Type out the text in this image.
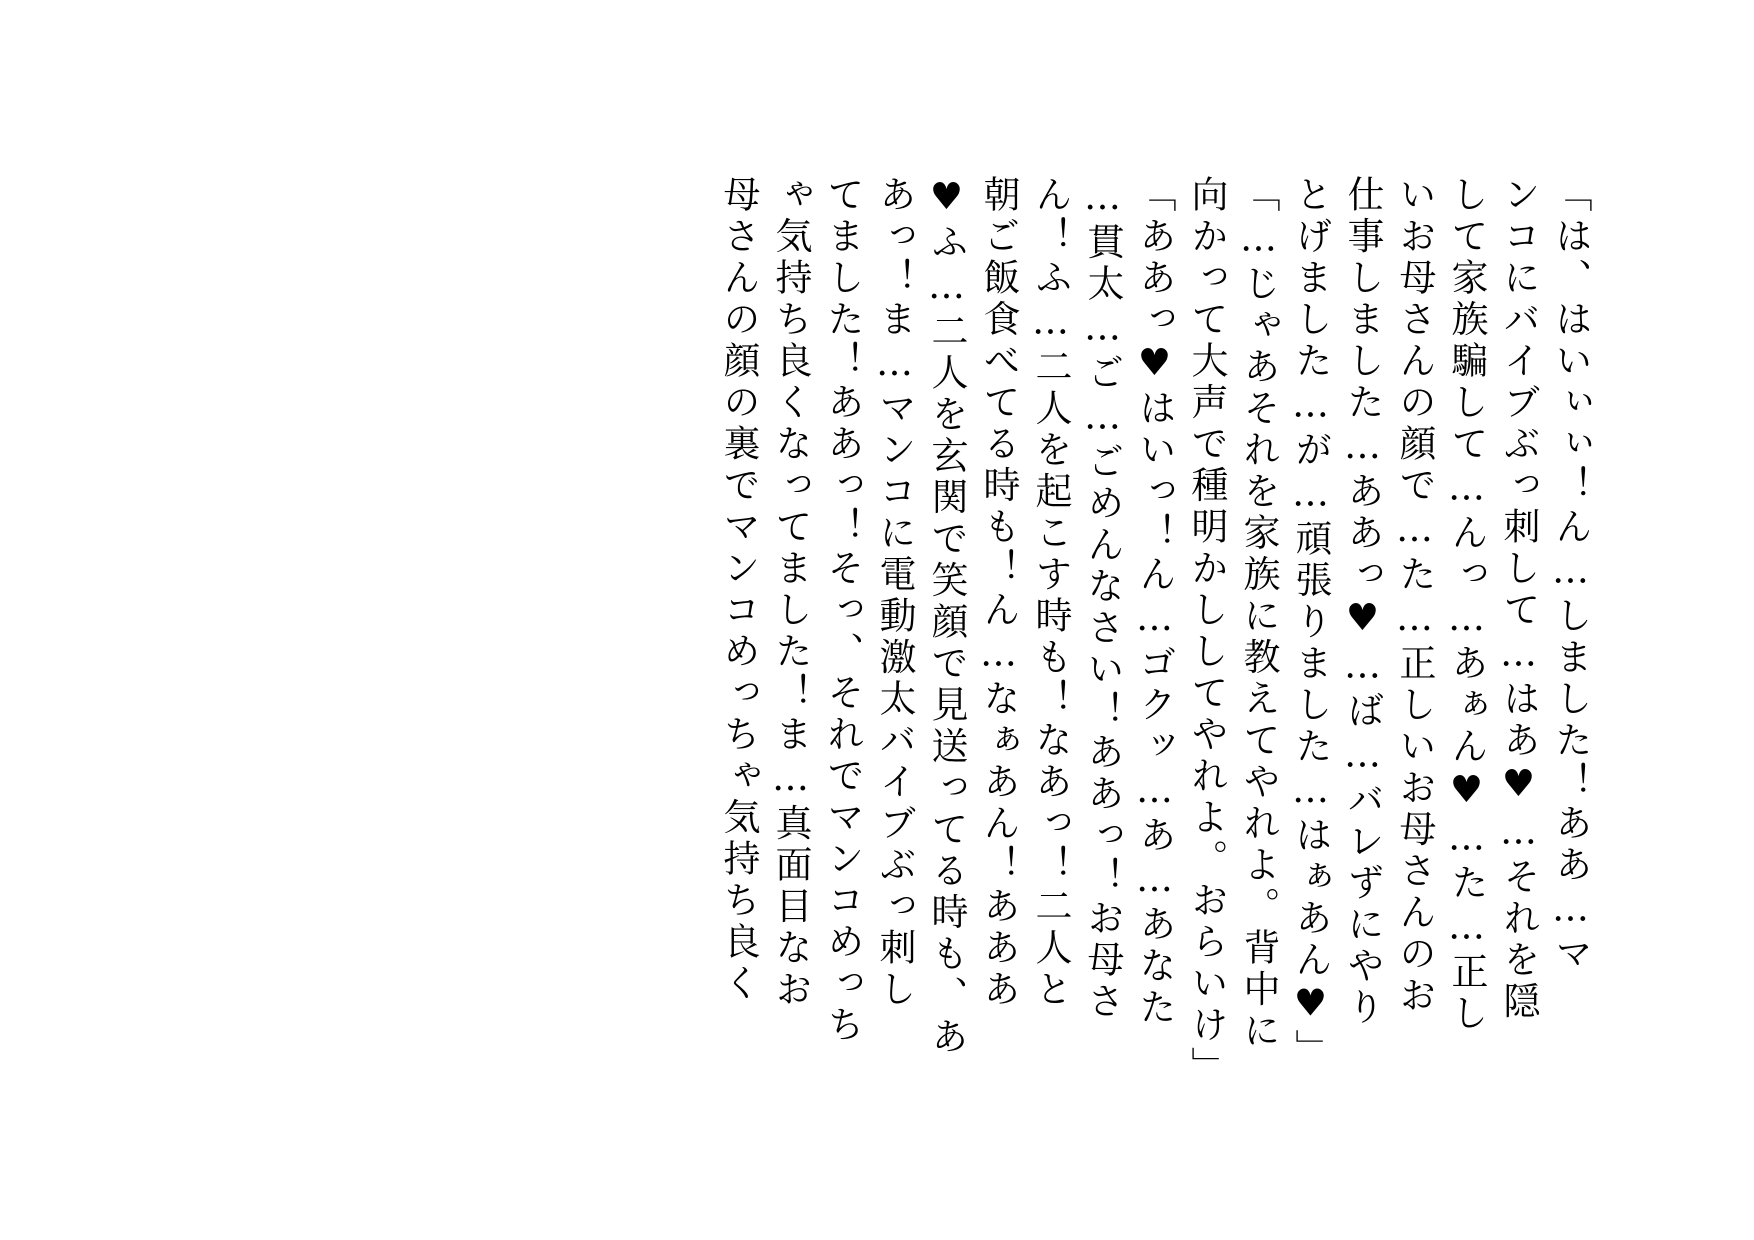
「は、はいぃぃ！ん…しました！ああ…マ
ンコにバイブぶっ刺して…はあ♥…それを隠
して家族騙して…んっ…あぁん♥…た…正し
いお母さんの顔で…た…正しいお母さんのお
仕事しました…ああっ♥…ば…バレずにやり
とげました…が…頑張りました…はぁあん♥」
「…じゃあそれを家族に教えてやれよ。背中に
向かって大声で種明かししてやれよ。おらいけ」
「ああっ♥はいっ！ん…ゴクッ…あ…あなた
…貫太…ご…ごめんなさい！ああっ！お母さ
ん！ふ…二人を起こす時も！なあっ！二人と
朝ご飯食べてる時も！ん…なぁあん！あああ
♥ふ…二人を玄関で笑顔で見送ってる時も、あ
あっ！ま…マンコに電動激太バイブぶっ刺し
てました！ああっ！そっ、それでマンコめっち
ゃ気持ち良くなってました！ま…真面目なお
母さんの顔の裏でマンコめっちゃ気持ち良く
